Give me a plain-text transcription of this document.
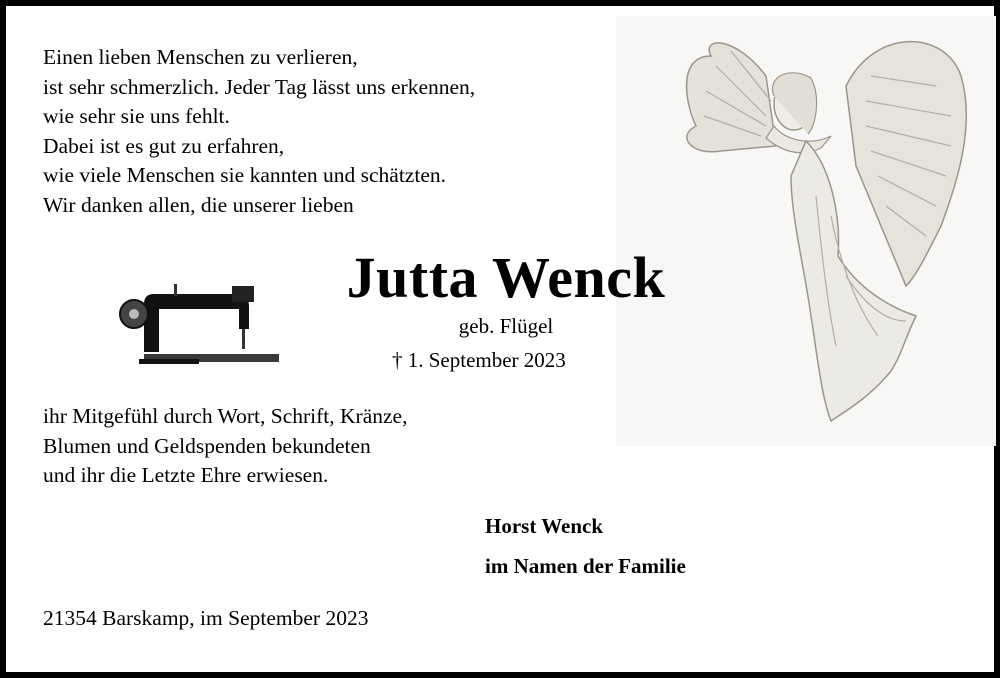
Einen lieben Menschen zu verlieren,

ist sehr schmerzlich. Jeder Tag lässt uns erkennen,

wie sehr sie uns fehlt.

Dabei ist es gut zu erfahren,

wie viele Menschen sie kannten und schätzten.

Wir danken allen, die unserer lieben

Jutta Wenck

geb. Flügel

† 1. September 2023

ihr Mitgefühl durch Wort, Schrift, Kränze,

Blumen und Geldspenden bekundeten

und ihr die Letzte Ehre erwiesen.

Horst Wenck

im Namen der Familie

21354 Barskamp, im September 2023
